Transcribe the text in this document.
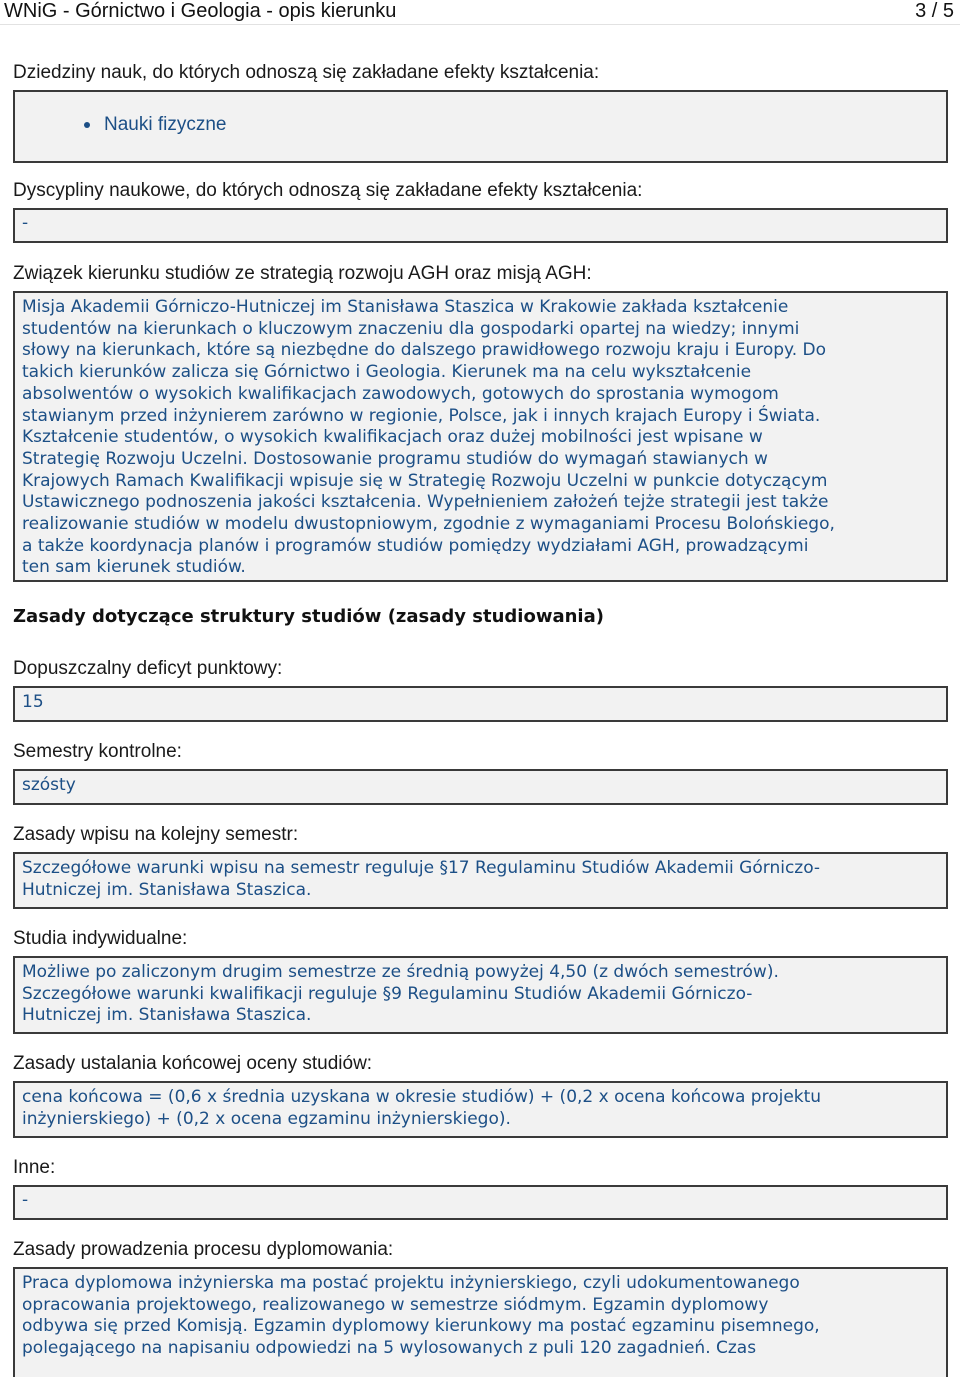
WNiG - Górnictwo i Geologia - opis kierunku	3 / 5
Dziedziny nauk, do których odnoszą się zakładane efekty kształcenia:
Nauki fizyczne
Dyscypliny naukowe, do których odnoszą się zakładane efekty kształcenia:
-
Związek kierunku studiów ze strategią rozwoju AGH oraz misją AGH:
Misja Akademii Górniczo-Hutniczej im Stanisława Staszica w Krakowie zakłada kształcenie
studentów na kierunkach o kluczowym znaczeniu dla gospodarki opartej na wiedzy; innymi
słowy na kierunkach, które są niezbędne do dalszego prawidłowego rozwoju kraju i Europy. Do
takich kierunków zalicza się Górnictwo i Geologia. Kierunek ma na celu wykształcenie
absolwentów o wysokich kwalifikacjach zawodowych, gotowych do sprostania wymogom
stawianym przed inżynierem zarówno w regionie, Polsce, jak i innych krajach Europy i Świata.
Kształcenie studentów, o wysokich kwalifikacjach oraz dużej mobilności jest wpisane w
Strategię Rozwoju Uczelni. Dostosowanie programu studiów do wymagań stawianych w
Krajowych Ramach Kwalifikacji wpisuje się w Strategię Rozwoju Uczelni w punkcie dotyczącym
Ustawicznego podnoszenia jakości kształcenia. Wypełnieniem założeń tejże strategii jest także
realizowanie studiów w modelu dwustopniowym, zgodnie z wymaganiami Procesu Bolońskiego,
a także koordynacja planów i programów studiów pomiędzy wydziałami AGH, prowadzącymi
ten sam kierunek studiów.
Zasady dotyczące struktury studiów (zasady studiowania)
Dopuszczalny deficyt punktowy:
15
Semestry kontrolne:
szósty
Zasady wpisu na kolejny semestr:
Szczegółowe warunki wpisu na semestr reguluje §17 Regulaminu Studiów Akademii Górniczo-
Hutniczej im. Stanisława Staszica.
Studia indywidualne:
Możliwe po zaliczonym drugim semestrze ze średnią powyżej 4,50 (z dwóch semestrów).
Szczegółowe warunki kwalifikacji reguluje §9 Regulaminu Studiów Akademii Górniczo-
Hutniczej im. Stanisława Staszica.
Zasady ustalania końcowej oceny studiów:
cena końcowa = (0,6 x średnia uzyskana w okresie studiów) + (0,2 x ocena końcowa projektu
inżynierskiego) + (0,2 x ocena egzaminu inżynierskiego).
Inne:
-
Zasady prowadzenia procesu dyplomowania:
Praca dyplomowa inżynierska ma postać projektu inżynierskiego, czyli udokumentowanego
opracowania projektowego, realizowanego w semestrze siódmym. Egzamin dyplomowy
odbywa się przed Komisją. Egzamin dyplomowy kierunkowy ma postać egzaminu pisemnego,
polegającego na napisaniu odpowiedzi na 5 wylosowanych z puli 120 zagadnień. Czas
